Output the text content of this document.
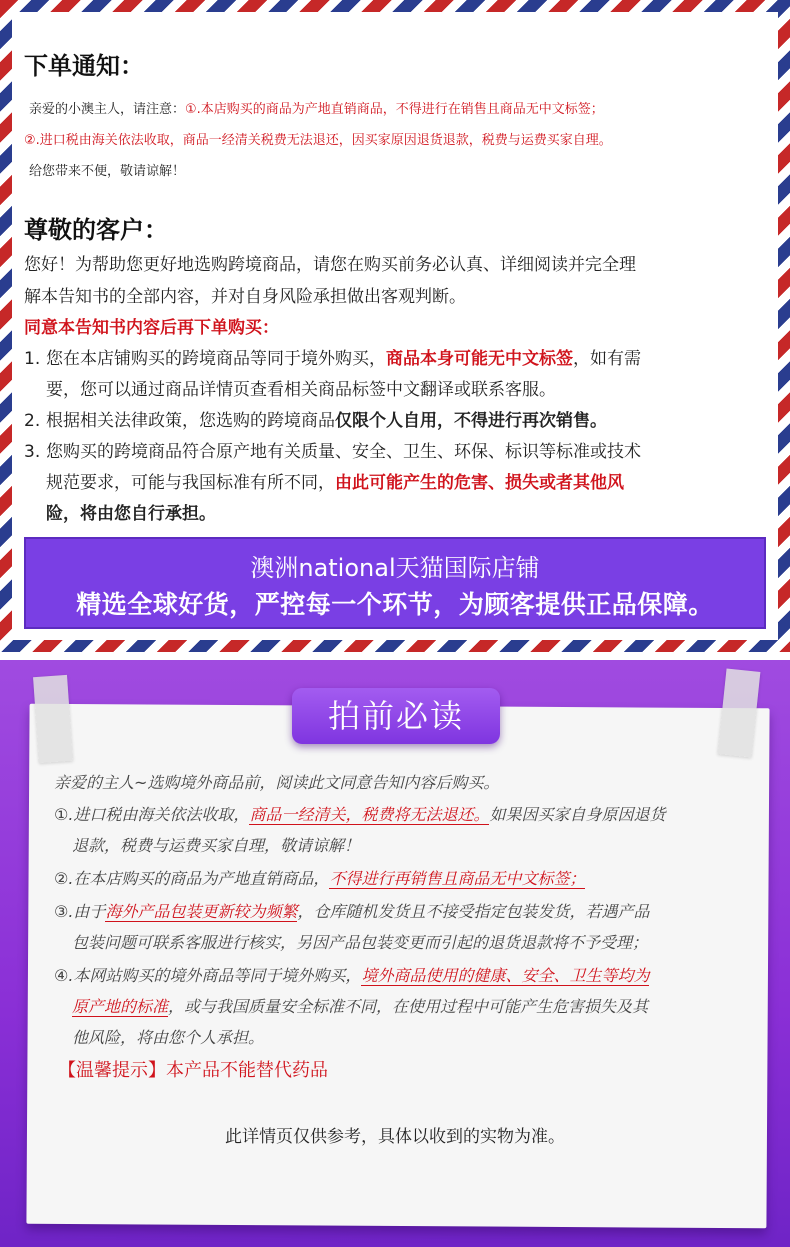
下单通知：
亲爱的小澳主人，请注意：①.本店购买的商品为产地直销商品，不得进行在销售且商品无中文标签；
②.进口税由海关依法收取，商品一经清关税费无法退还，因买家原因退货退款，税费与运费买家自理。
给您带来不便，敬请谅解！
尊敬的客户：
您好！为帮助您更好地选购跨境商品，请您在购买前务必认真、详细阅读并完全理
解本告知书的全部内容，并对自身风险承担做出客观判断。
同意本告知书内容后再下单购买：
1. 您在本店铺购买的跨境商品等同于境外购买，商品本身可能无中文标签，如有需
要，您可以通过商品详情页查看相关商品标签中文翻译或联系客服。
2. 根据相关法律政策，您选购的跨境商品仅限个人自用，不得进行再次销售。
3. 您购买的跨境商品符合原产地有关质量、安全、卫生、环保、标识等标准或技术
规范要求，可能与我国标准有所不同，由此可能产生的危害、损失或者其他风
险，将由您自行承担。
澳洲national天猫国际店铺
精选全球好货，严控每一个环节，为顾客提供正品保障。
拍前必读
亲爱的主人~选购境外商品前，阅读此文同意告知内容后购买。
①.进口税由海关依法收取，商品一经清关，税费将无法退还。如果因买家自身原因退货
退款，税费与运费买家自理，敬请谅解！
②.在本店购买的商品为产地直销商品，不得进行再销售且商品无中文标签；
③.由于海外产品包装更新较为频繁，仓库随机发货且不接受指定包装发货，若遇产品
包装问题可联系客服进行核实，另因产品包装变更而引起的退货退款将不予受理；
④.本网站购买的境外商品等同于境外购买，境外商品使用的健康、安全、卫生等均为
原产地的标准，或与我国质量安全标准不同，在使用过程中可能产生危害损失及其
他风险，将由您个人承担。
【温馨提示】本产品不能替代药品
此详情页仅供参考，具体以收到的实物为准。
